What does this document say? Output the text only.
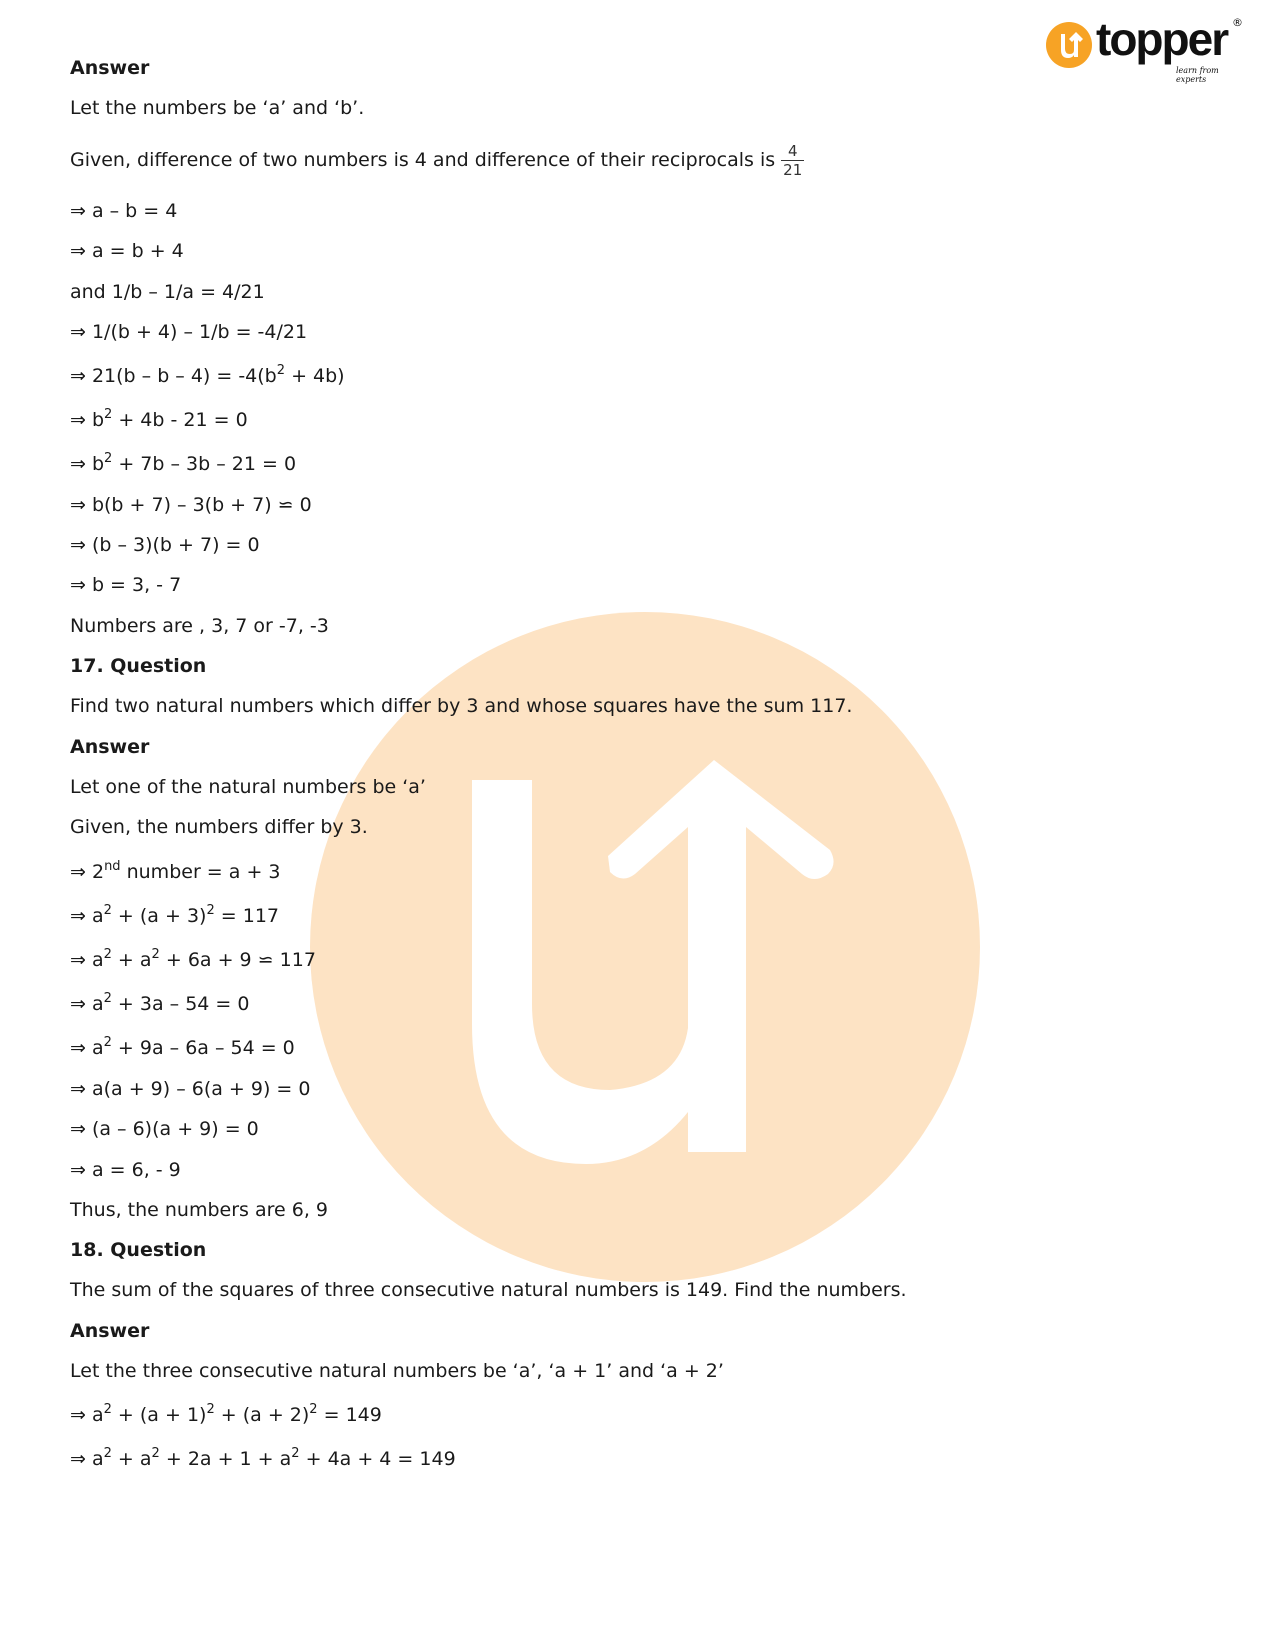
topper ®
learn from experts
Answer
Let the numbers be ‘a’ and ‘b’.
Given, difference of two numbers is 4 and difference of their reciprocals is $\frac{4}{21}$
⇒ a – b = 4
⇒ a = b + 4
and 1/b – 1/a = 4/21
⇒ 1/(b + 4) – 1/b = -4/21
⇒ $21(b - b - 4) = -4(b^2 + 4b)$
⇒ $b^2 + 4b - 21 = 0$
⇒ $b^2 + 7b - 3b - 21 = 0$
⇒ b(b + 7) – 3(b + 7) ⋍ 0
⇒ (b – 3)(b + 7) = 0
⇒ b = 3, - 7
Numbers are , 3, 7 or -7, -3
17. Question
Find two natural numbers which differ by 3 and whose squares have the sum 117.
Answer
Let one of the natural numbers be ‘a’
Given, the numbers differ by 3.
⇒ 2nd number = a + 3
⇒ $a^2 + (a + 3)^2 = 117$
⇒ $a^2 + a^2 + 6a + 9$ ⋍ 117
⇒ $a^2 + 3a - 54 = 0$
⇒ $a^2 + 9a - 6a - 54 = 0$
⇒ a(a + 9) – 6(a + 9) = 0
⇒ (a – 6)(a + 9) = 0
⇒ a = 6, - 9
Thus, the numbers are 6, 9
18. Question
The sum of the squares of three consecutive natural numbers is 149. Find the numbers.
Answer
Let the three consecutive natural numbers be ‘a’, ‘a + 1’ and ‘a + 2’
⇒ $a^2 + (a + 1)^2 + (a + 2)^2 = 149$
⇒ $a^2 + a^2 + 2a + 1 + a^2 + 4a + 4 = 149$
